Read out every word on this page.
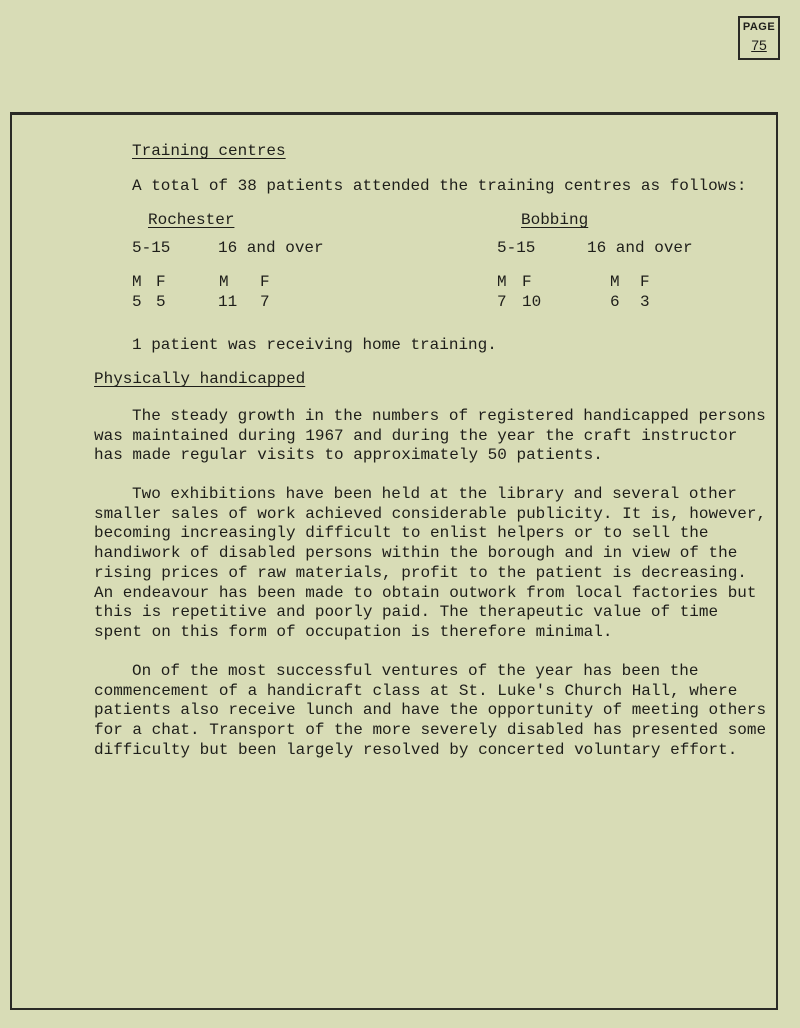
PAGE
75
Training centres
A total of 38 patients attended the training centres as follows:
Rochester
5-15	16 and over
M F	M F
5 5	11 7
Bobbing
5-15	16 and over
M F	M F
7 10	6 3
1 patient was receiving home training.
Physically handicapped
The steady growth in the numbers of registered handicapped persons was maintained during 1967 and during the year the craft instructor has made regular visits to approximately 50 patients.
Two exhibitions have been held at the library and several other smaller sales of work achieved considerable publicity. It is, however, becoming increasingly difficult to enlist helpers or to sell the handiwork of disabled persons within the borough and in view of the rising prices of raw materials, profit to the patient is decreasing. An endeavour has been made to obtain outwork from local factories but this is repetitive and poorly paid. The therapeutic value of time spent on this form of occupation is therefore minimal.
On of the most successful ventures of the year has been the commencement of a handicraft class at St. Luke's Church Hall, where patients also receive lunch and have the opportunity of meeting others for a chat. Transport of the more severely disabled has presented some difficulty but been largely resolved by concerted voluntary effort.
